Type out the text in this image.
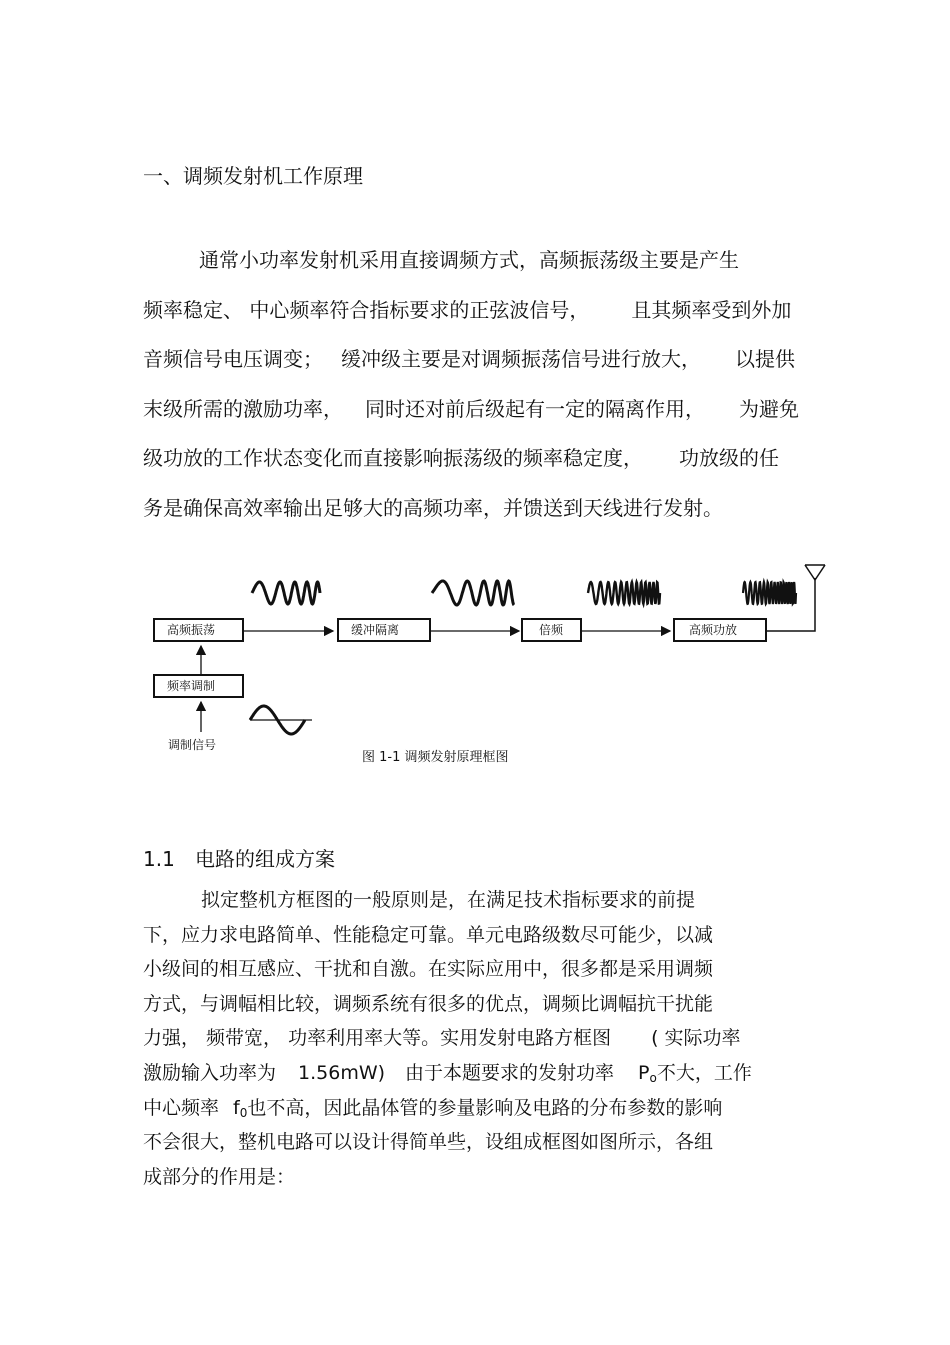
一、调频发射机工作原理
通常小功率发射机采用直接调频方式，高频振荡级主要是产生
频率稳定、 中心频率符合指标要求的正弦波信号， 且其频率受到外加
音频信号电压调变； 缓冲级主要是对调频振荡信号进行放大， 以提供
末级所需的激励功率， 同时还对前后级起有一定的隔离作用， 为避免
级功放的工作状态变化而直接影响振荡级的频率稳定度， 功放级的任
务是确保高效率输出足够大的高频功率，并馈送到天线进行发射。
高频振荡	缓冲隔离	倍频	高频功放
频率调制
调制信号
图 1-1 调频发射原理框图
1.1 电路的组成方案
拟定整机方框图的一般原则是，在满足技术指标要求的前提
下，应力求电路简单、性能稳定可靠。单元电路级数尽可能少，以减
小级间的相互感应、干扰和自激。在实际应用中，很多都是采用调频
方式，与调幅相比较，调频系统有很多的优点，调频比调幅抗干扰能
力强， 频带宽， 功率利用率大等。实用发射电路方框图 ( 实际功率
激励输入功率为 1.56mW) 由于本题要求的发射功率 $P_o$不大，工作
中心频率 $f_0$也不高，因此晶体管的参量影响及电路的分布参数的影响
不会很大，整机电路可以设计得简单些，设组成框图如图所示，各组
成部分的作用是：
